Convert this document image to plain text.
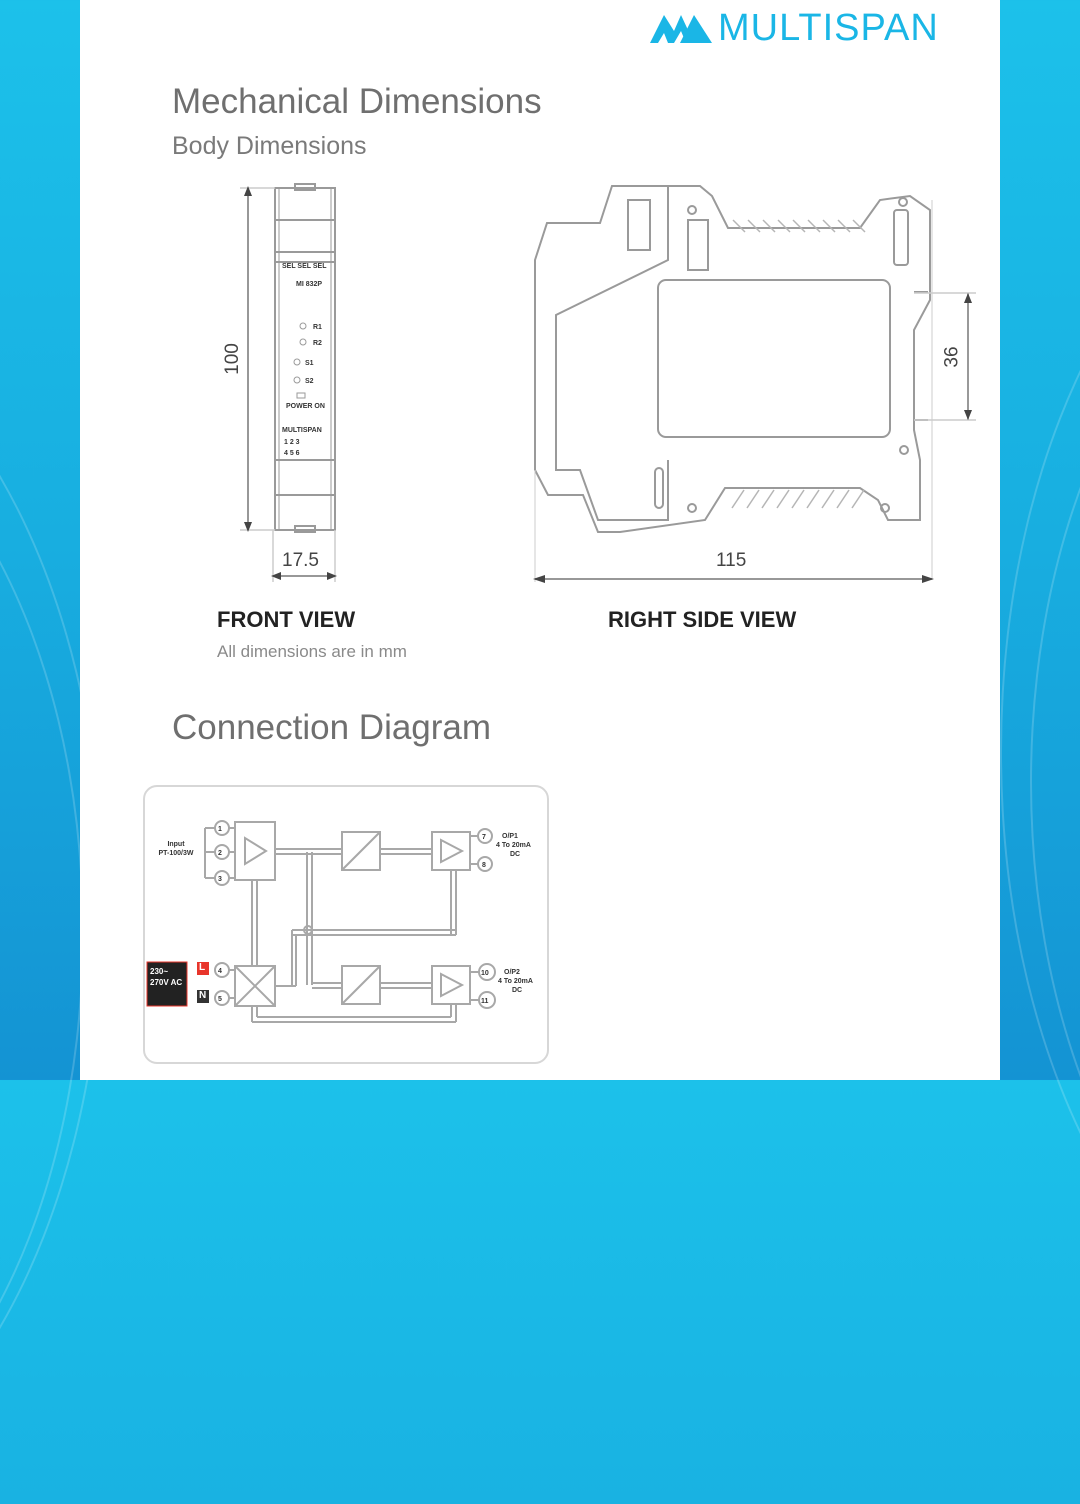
MULTISPAN
Mechanical Dimensions
Body Dimensions
SEL SEL SEL
MI 832P
R1
R2
S1
S2
POWER ON
MULTISPAN
1 2 3
4 5 6
100
17.5	115
36
FRONT VIEW	RIGHT SIDE VIEW
All dimensions are in mm
Connection Diagram
1
2
3
4
5
7
8
10
11
Input
PT-100/3W
230~ 270V AC
L
N
O/P1
4 To 20mA
DC
O/P2
4 To 20mA
DC
